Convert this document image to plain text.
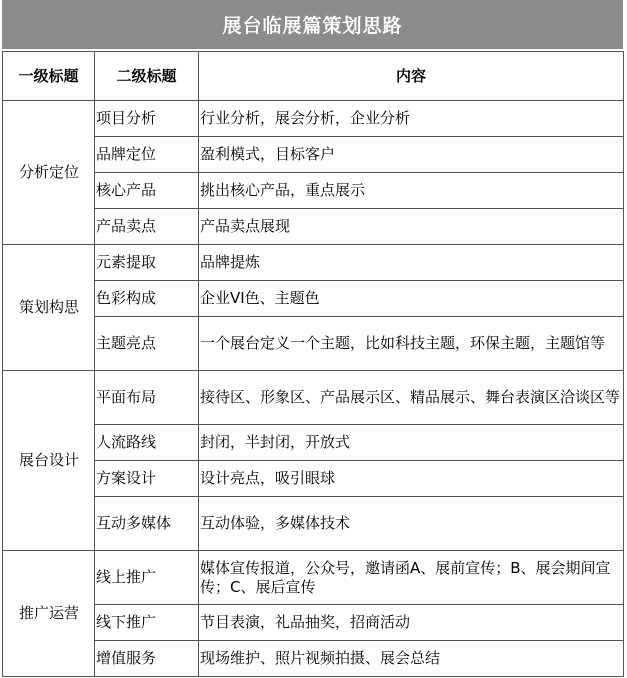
展台临展篇策划思路
一级标题	二级标题	内容
分析定位	项目分析	行业分析，展会分析，企业分析
	品牌定位	盈利模式，目标客户
	核心产品	挑出核心产品，重点展示
	产品卖点	产品卖点展现
策划构思	元素提取	品牌提炼
	色彩构成	企业VI色、主题色
	主题亮点	一个展台定义一个主题，比如科技主题，环保主题，主题馆等
展台设计	平面布局	接待区、形象区、产品展示区、精品展示、舞台表演区洽谈区等
	人流路线	封闭，半封闭，开放式
	方案设计	设计亮点，吸引眼球
	互动多媒体	互动体验，多媒体技术
推广运营	线上推广	媒体宣传报道，公众号，邀请函A、展前宣传；B、展会期间宣传；C、展后宣传
	线下推广	节目表演，礼品抽奖，招商活动
	增值服务	现场维护、照片视频拍摄、展会总结
